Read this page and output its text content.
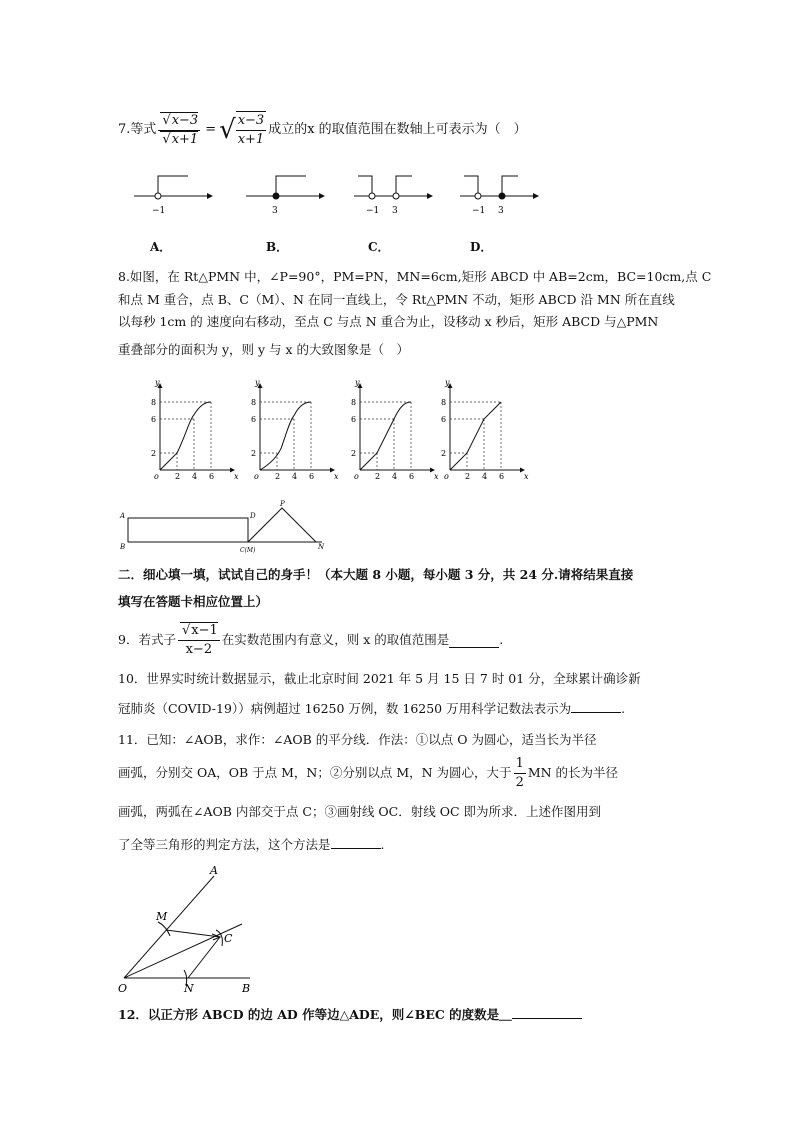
7.等式 √ x−3
√ x+1 = √ $\frac{x-3}{x+1}$ 成立的x 的取值范围在数轴上可表示为（　）
−1	3	−1 3	−1 3
A．	B．	C．	D．
8.如图，在 Rt△PMN 中，∠P=90°，PM=PN，MN=6cm,矩形 ABCD 中 AB=2cm，BC=10cm,点 C
和点 M 重合，点 B、C（M）、N 在同一直线上，令 Rt△PMN 不动，矩形 ABCD 沿 MN 所在直线
以每秒 1cm 的 速度向右移动，至点 C 与点 N 重合为止，设移动 x 秒后，矩形 ABCD 与△PMN
重叠部分的面积为 y，则 y 与 x 的大致图象是（　）
8
6
2
o 2 4 6 x
y
8
6
2
o 2 4 6 x
y
8
6
2
o 2 4 6 x
y
8
6
2
o 2 4 6 x
y
A
B
D
C(M)
P
N
二．细心填一填，试试自己的身手！（本大题 8 小题，每小题 3 分，共 24 分.请将结果直接
填写在答题卡相应位置上）
9．若式子 √ $\frac{x-1}{x-2}$ 在实数范围内有意义，则 x 的取值范围是	.
10．世界实时统计数据显示，截止北京时间 2021 年 5 月 15 日 7 时 01 分，全球累计确诊新
冠肺炎（COVID-19））病例超过 16250 万例，数 16250 万用科学记数法表示为	.
11．已知：∠AOB，求作：∠AOB 的平分线．作法：①以点 O 为圆心，适当长为半径
画弧，分别交 OA，OB 于点 M，N；②分别以点 M，N 为圆心，大于 $\frac{1}{2}$ MN 的长为半径
画弧，两弧在∠AOB 内部交于点 C；③画射线 OC．射线 OC 即为所求．上述作图用到
了全等三角形的判定方法，这个方法是	.
A
M
C
O	N	B
12．以正方形 ABCD 的边 AD 作等边△ADE，则∠BEC 的度数是＿
